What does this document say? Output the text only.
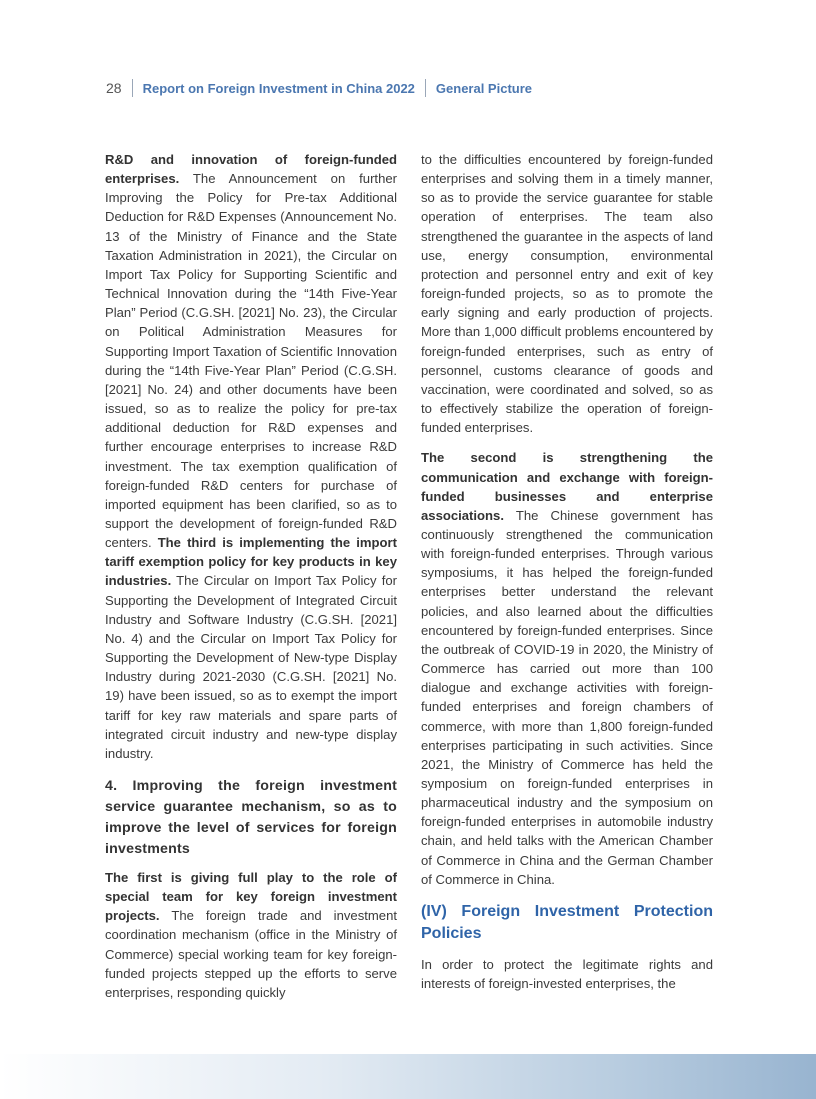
28 Report on Foreign Investment in China 2022 General Picture

R&D and innovation of foreign-funded enterprises. The Announcement on further Improving the Policy for Pre-tax Additional Deduction for R&D Expenses (Announcement No. 13 of the Ministry of Finance and the State Taxation Administration in 2021), the Circular on Import Tax Policy for Supporting Scientific and Technical Innovation during the “14th Five-Year Plan” Period (C.G.SH. [2021] No. 23), the Circular on Political Administration Measures for Supporting Import Taxation of Scientific Innovation during the “14th Five-Year Plan” Period (C.G.SH. [2021] No. 24) and other documents have been issued, so as to realize the policy for pre-tax additional deduction for R&D expenses and further encourage enterprises to increase R&D investment. The tax exemption qualification of foreign-funded R&D centers for purchase of imported equipment has been clarified, so as to support the development of foreign-funded R&D centers. The third is implementing the import tariff exemption policy for key products in key industries. The Circular on Import Tax Policy for Supporting the Development of Integrated Circuit Industry and Software Industry (C.G.SH. [2021] No. 4) and the Circular on Import Tax Policy for Supporting the Development of New-type Display Industry during 2021-2030 (C.G.SH. [2021] No. 19) have been issued, so as to exempt the import tariff for key raw materials and spare parts of integrated circuit industry and new-type display industry.

4. Improving the foreign investment service guarantee mechanism, so as to improve the level of services for foreign investments

The first is giving full play to the role of special team for key foreign investment projects. The foreign trade and investment coordination mechanism (office in the Ministry of Commerce) special working team for key foreign-funded projects stepped up the efforts to serve enterprises, responding quickly

to the difficulties encountered by foreign-funded enterprises and solving them in a timely manner, so as to provide the service guarantee for stable operation of enterprises. The team also strengthened the guarantee in the aspects of land use, energy consumption, environmental protection and personnel entry and exit of key foreign-funded projects, so as to promote the early signing and early production of projects. More than 1,000 difficult problems encountered by foreign-funded enterprises, such as entry of personnel, customs clearance of goods and vaccination, were coordinated and solved, so as to effectively stabilize the operation of foreign-funded enterprises.

The second is strengthening the communication and exchange with foreign-funded businesses and enterprise associations. The Chinese government has continuously strengthened the communication with foreign-funded enterprises. Through various symposiums, it has helped the foreign-funded enterprises better understand the relevant policies, and also learned about the difficulties encountered by foreign-funded enterprises. Since the outbreak of COVID-19 in 2020, the Ministry of Commerce has carried out more than 100 dialogue and exchange activities with foreign-funded enterprises and foreign chambers of commerce, with more than 1,800 foreign-funded enterprises participating in such activities. Since 2021, the Ministry of Commerce has held the symposium on foreign-funded enterprises in pharmaceutical industry and the symposium on foreign-funded enterprises in automobile industry chain, and held talks with the American Chamber of Commerce in China and the German Chamber of Commerce in China.

(IV) Foreign Investment Protection Policies

In order to protect the legitimate rights and interests of foreign-invested enterprises, the
